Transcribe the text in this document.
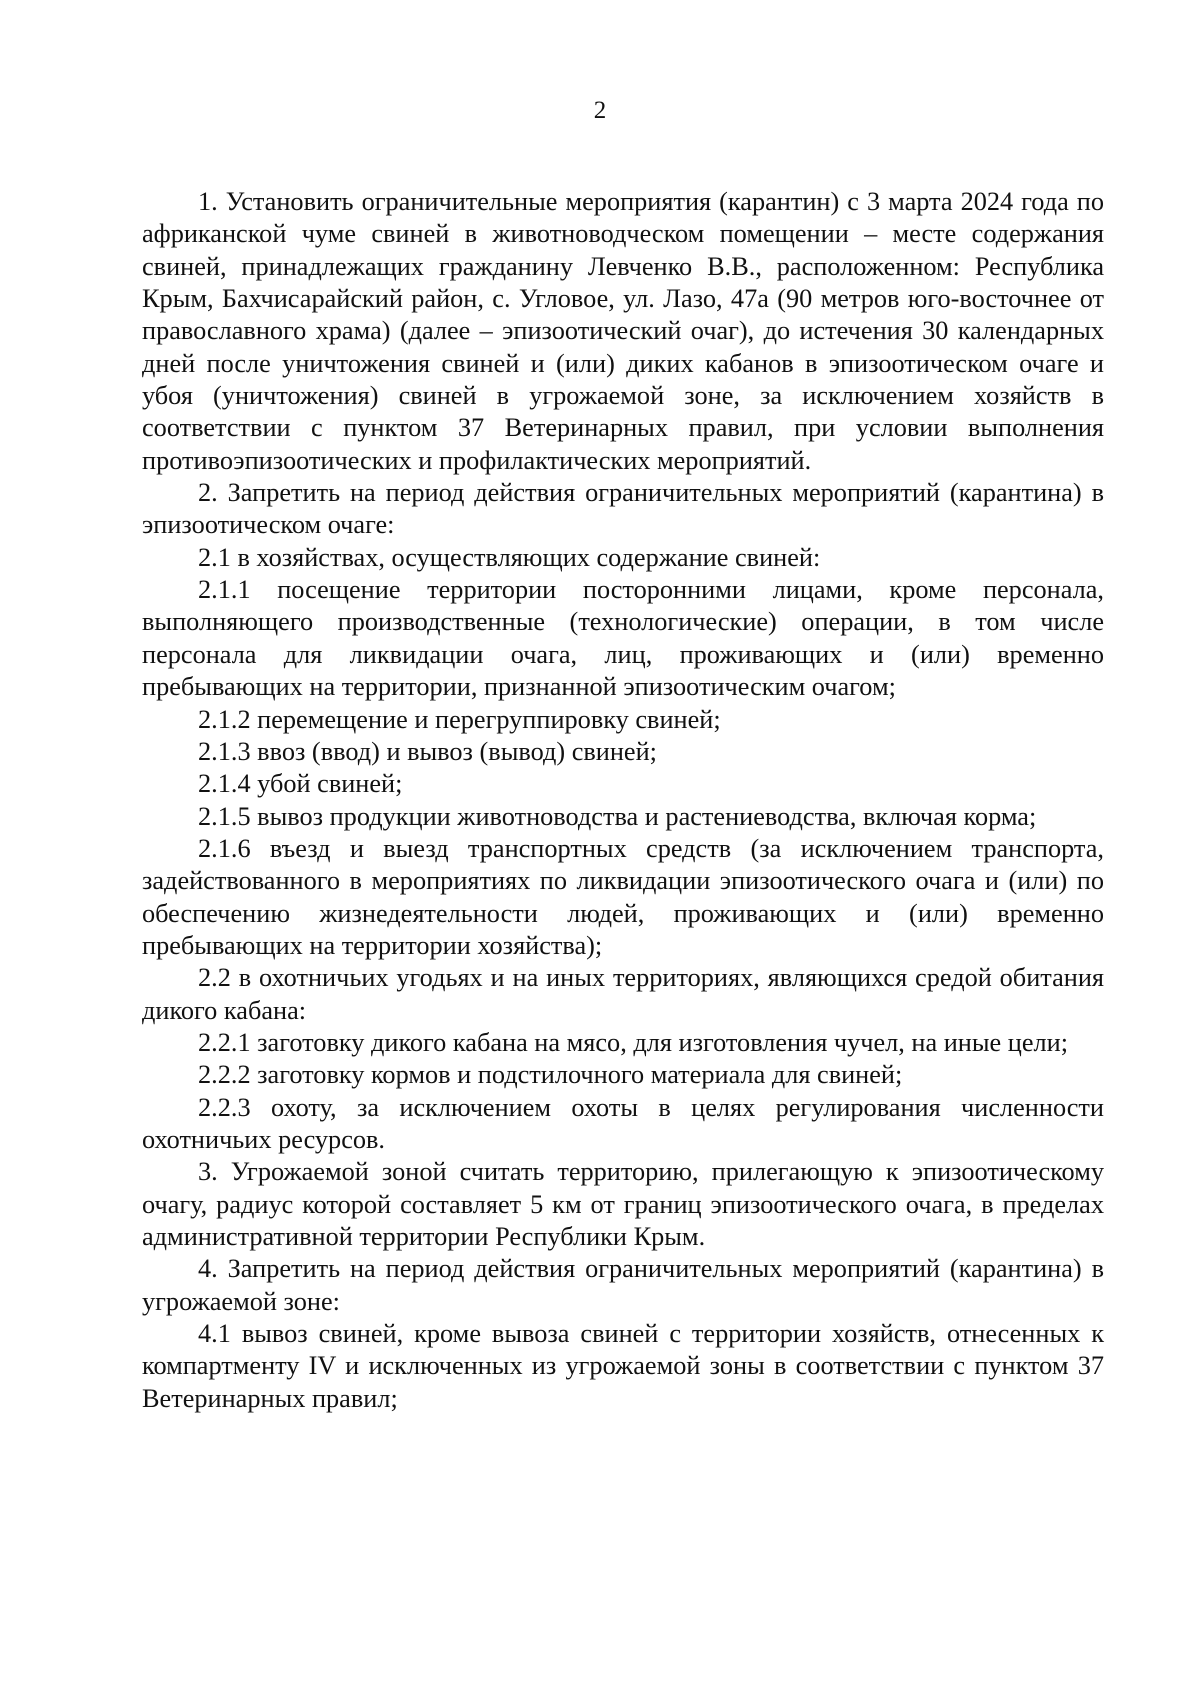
2

1. Установить ограничительные мероприятия (карантин) с 3 марта 2024 года по африканской чуме свиней в животноводческом помещении – месте содержания свиней, принадлежащих гражданину Левченко В.В., расположенном: Республика Крым, Бахчисарайский район, с. Угловое, ул. Лазо, 47а (90 метров юго-восточнее от православного храма) (далее – эпизоотический очаг), до истечения 30 календарных дней после уничтожения свиней и (или) диких кабанов в эпизоотическом очаге и убоя (уничтожения) свиней в угрожаемой зоне, за исключением хозяйств в соответствии с пунктом 37 Ветеринарных правил, при условии выполнения противоэпизоотических и профилактических мероприятий.

2. Запретить на период действия ограничительных мероприятий (карантина) в эпизоотическом очаге:

2.1 в хозяйствах, осуществляющих содержание свиней:

2.1.1 посещение территории посторонними лицами, кроме персонала, выполняющего производственные (технологические) операции, в том числе персонала для ликвидации очага, лиц, проживающих и (или) временно пребывающих на территории, признанной эпизоотическим очагом;

2.1.2 перемещение и перегруппировку свиней;

2.1.3 ввоз (ввод) и вывоз (вывод) свиней;

2.1.4 убой свиней;

2.1.5 вывоз продукции животноводства и растениеводства, включая корма;

2.1.6 въезд и выезд транспортных средств (за исключением транспорта, задействованного в мероприятиях по ликвидации эпизоотического очага и (или) по обеспечению жизнедеятельности людей, проживающих и (или) временно пребывающих на территории хозяйства);

2.2 в охотничьих угодьях и на иных территориях, являющихся средой обитания дикого кабана:

2.2.1 заготовку дикого кабана на мясо, для изготовления чучел, на иные цели;

2.2.2 заготовку кормов и подстилочного материала для свиней;

2.2.3 охоту, за исключением охоты в целях регулирования численности охотничьих ресурсов.

3. Угрожаемой зоной считать территорию, прилегающую к эпизоотическому очагу, радиус которой составляет 5 км от границ эпизоотического очага, в пределах административной территории Республики Крым.

4. Запретить на период действия ограничительных мероприятий (карантина) в угрожаемой зоне:

4.1 вывоз свиней, кроме вывоза свиней с территории хозяйств, отнесенных к компартменту IV и исключенных из угрожаемой зоны в соответствии с пунктом 37 Ветеринарных правил;
